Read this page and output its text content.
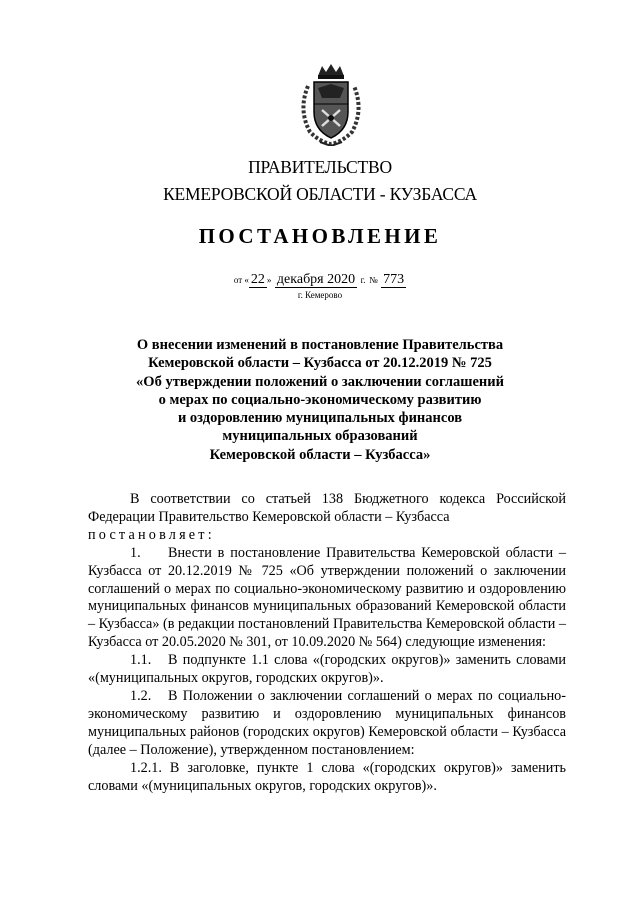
ПРАВИТЕЛЬСТВО
КЕМЕРОВСКОЙ ОБЛАСТИ - КУЗБАССА
ПОСТАНОВЛЕНИЕ
от « 22 » декабря 2020 г. № 773
г. Кемерово
О внесении изменений в постановление Правительства
Кемеровской области – Кузбасса от 20.12.2019 № 725
«Об утверждении положений о заключении соглашений
о мерах по социально-экономическому развитию
и оздоровлению муниципальных финансов
муниципальных образований
Кемеровской области – Кузбасса»

В соответствии со статьей 138 Бюджетного кодекса Российской Федерации Правительство Кемеровской области – Кузбасса

постановляет:

1. Внести в постановление Правительства Кемеровской области – Кузбасса от 20.12.2019 № 725 «Об утверждении положений о заключении соглашений о мерах по социально-экономическому развитию и оздоровлению муниципальных финансов муниципальных образований Кемеровской области – Кузбасса» (в редакции постановлений Правительства Кемеровской области – Кузбасса от 20.05.2020 № 301, от 10.09.2020 № 564) следующие изменения:

1.1. В подпункте 1.1 слова «(городских округов)» заменить словами «(муниципальных округов, городских округов)».

1.2. В Положении о заключении соглашений о мерах по социально-экономическому развитию и оздоровлению муниципальных финансов муниципальных районов (городских округов) Кемеровской области – Кузбасса (далее – Положение), утвержденном постановлением:

1.2.1. В заголовке, пункте 1 слова «(городских округов)» заменить словами «(муниципальных округов, городских округов)».
